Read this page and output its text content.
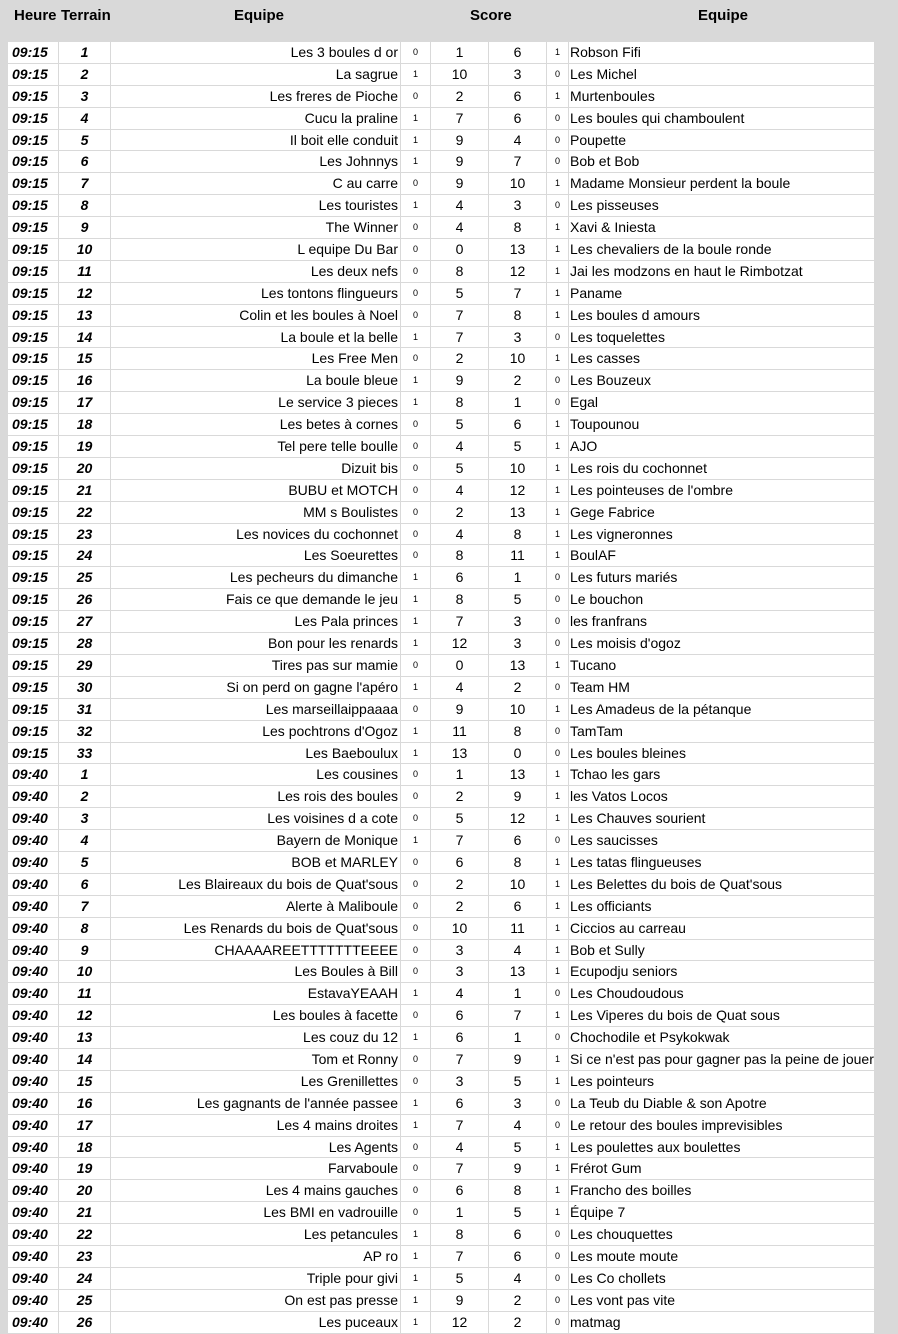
Heure Terrain	Equipe	Score	Equipe
09:15	1	Les 3 boules d or	0	1	6	1 Robson Fifi
09:15	2	La sagrue	1	10	3	0 Les Michel
09:15	3	Les freres de Pioche	0	2	6	1 Murtenboules
09:15	4	Cucu la praline	1	7	6	0 Les boules qui chamboulent
09:15	5	Il boit elle conduit	1	9	4	0 Poupette
09:15	6	Les Johnnys	1	9	7	0 Bob et Bob
09:15	7	C au carre	0	9	10	1 Madame Monsieur perdent la boule
09:15	8	Les touristes	1	4	3	0 Les pisseuses
09:15	9	The Winner	0	4	8	1 Xavi & Iniesta
09:15	10	L equipe Du Bar	0	0	13	1 Les chevaliers de la boule ronde
09:15	11	Les deux nefs	0	8	12	1 Jai les modzons en haut le Rimbotzat
09:15	12	Les tontons flingueurs	0	5	7	1 Paname
09:15	13	Colin et les boules à Noel	0	7	8	1 Les boules d amours
09:15	14	La boule et la belle	1	7	3	0 Les toquelettes
09:15	15	Les Free Men	0	2	10	1 Les casses
09:15	16	La boule bleue	1	9	2	0 Les Bouzeux
09:15	17	Le service 3 pieces	1	8	1	0 Egal
09:15	18	Les betes à cornes	0	5	6	1 Toupounou
09:15	19	Tel pere telle boulle	0	4	5	1 AJO
09:15	20	Dizuit bis	0	5	10	1 Les rois du cochonnet
09:15	21	BUBU et MOTCH	0	4	12	1 Les pointeuses de l'ombre
09:15	22	MM s Boulistes	0	2	13	1 Gege Fabrice
09:15	23	Les novices du cochonnet	0	4	8	1 Les vigneronnes
09:15	24	Les Soeurettes	0	8	11	1 BoulAF
09:15	25	Les pecheurs du dimanche	1	6	1	0 Les futurs mariés
09:15	26	Fais ce que demande le jeu	1	8	5	0 Le bouchon
09:15	27	Les Pala princes	1	7	3	0 les franfrans
09:15	28	Bon pour les renards	1	12	3	0 Les moisis d'ogoz
09:15	29	Tires pas sur mamie	0	0	13	1 Tucano
09:15	30	Si on perd on gagne l'apéro	1	4	2	0 Team HM
09:15	31	Les marseillaippaaaa	0	9	10	1 Les Amadeus de la pétanque
09:15	32	Les pochtrons d'Ogoz	1	11	8	0 TamTam
09:15	33	Les Baeboulux	1	13	0	0 Les boules bleines
09:40	1	Les cousines	0	1	13	1 Tchao les gars
09:40	2	Les rois des boules	0	2	9	1 les Vatos Locos
09:40	3	Les voisines d a cote	0	5	12	1 Les Chauves sourient
09:40	4	Bayern de Monique	1	7	6	0 Les saucisses
09:40	5	BOB et MARLEY	0	6	8	1 Les tatas flingueuses
09:40	6	Les Blaireaux du bois de Quat'sous	0	2	10	1 Les Belettes du bois de Quat'sous
09:40	7	Alerte à Maliboule	0	2	6	1 Les officiants
09:40	8	Les Renards du bois de Quat'sous	0	10	11	1 Ciccios au carreau
09:40	9	CHAAAAREETTTTTTTEEEE	0	3	4	1 Bob et Sully
09:40	10	Les Boules à Bill	0	3	13	1 Ecupodju seniors
09:40	11	EstavaYEAAH	1	4	1	0 Les Choudoudous
09:40	12	Les boules à facette	0	6	7	1 Les Viperes du bois de Quat sous
09:40	13	Les couz du 12	1	6	1	0 Chochodile et Psykokwak
09:40	14	Tom et Ronny	0	7	9	1 Si ce n'est pas pour gagner pas la peine de jouer
09:40	15	Les Grenillettes	0	3	5	1 Les pointeurs
09:40	16	Les gagnants de l'année passee	1	6	3	0 La Teub du Diable & son Apotre
09:40	17	Les 4 mains droites	1	7	4	0 Le retour des boules imprevisibles
09:40	18	Les Agents	0	4	5	1 Les poulettes aux boulettes
09:40	19	Farvaboule	0	7	9	1 Frérot Gum
09:40	20	Les 4 mains gauches	0	6	8	1 Francho des boilles
09:40	21	Les BMI en vadrouille	0	1	5	1 Équipe 7
09:40	22	Les petancules	1	8	6	0 Les chouquettes
09:40	23	AP ro	1	7	6	0 Les moute moute
09:40	24	Triple pour givi	1	5	4	0 Les Co chollets
09:40	25	On est pas presse	1	9	2	0 Les vont pas vite
09:40	26	Les puceaux	1	12	2	0 matmag
